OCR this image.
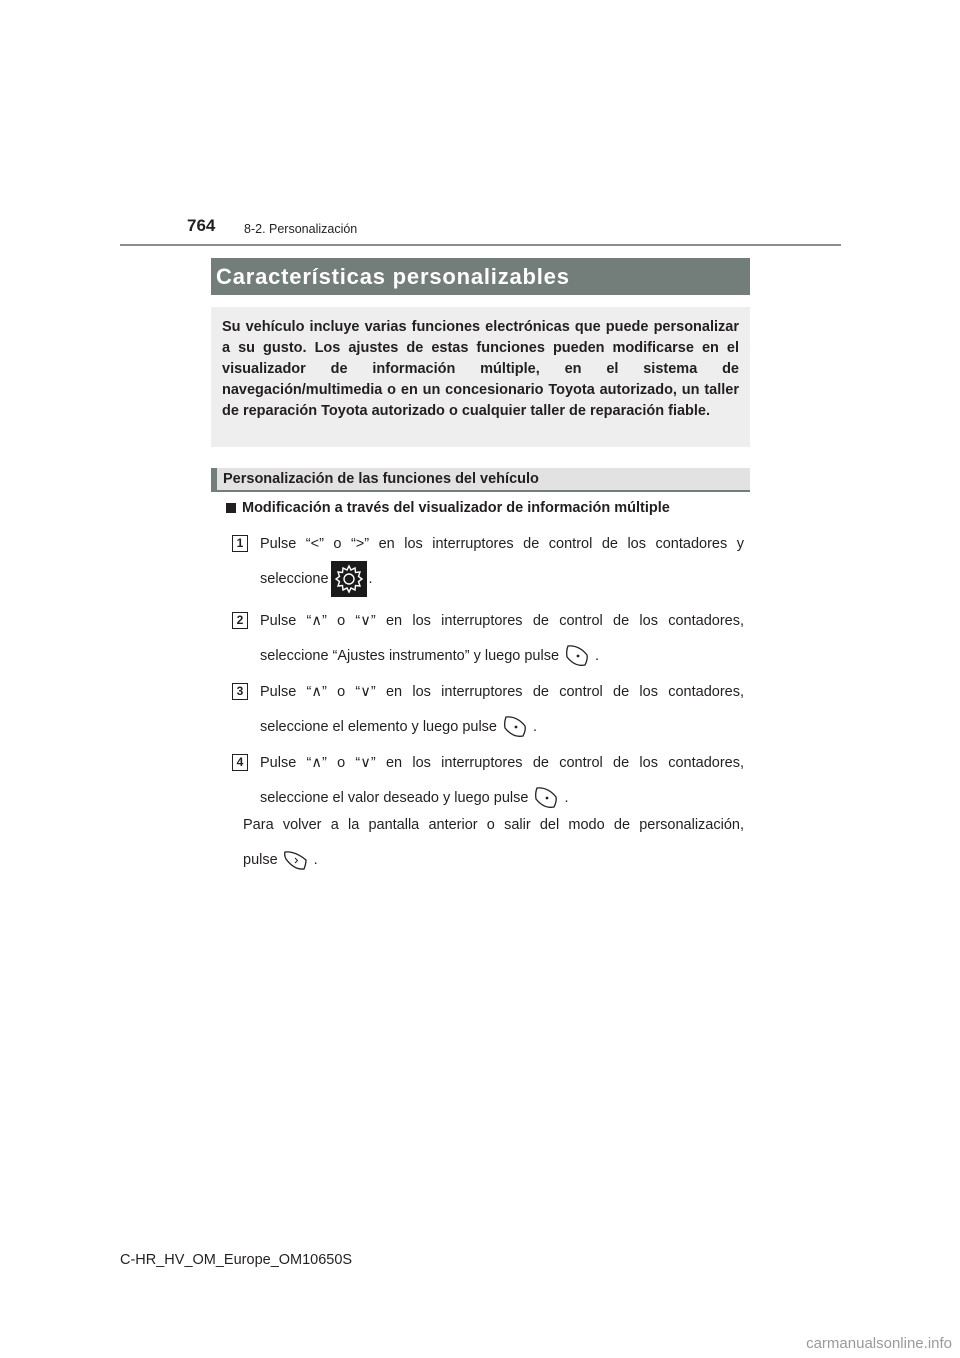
764 8-2. Personalización
Características personalizables
Su vehículo incluye varias funciones electrónicas que puede personalizar a su gusto. Los ajustes de estas funciones pueden modificarse en el visualizador de información múltiple, en el sistema de navegación/multimedia o en un concesionario Toyota autorizado, un taller de reparación Toyota autorizado o cualquier taller de reparación fiable.
Personalización de las funciones del vehículo
Modificación a través del visualizador de información múltiple
1	Pulse “<” o “>” en los interruptores de control de los contadores y
seleccione	.
2	Pulse “∧” o “∨” en los interruptores de control de los contadores,
seleccione “Ajustes instrumento” y luego pulse .
3	Pulse “∧” o “∨” en los interruptores de control de los contadores,
seleccione el elemento y luego pulse .
4	Pulse “∧” o “∨” en los interruptores de control de los contadores,
seleccione el valor deseado y luego pulse .
Para volver a la pantalla anterior o salir del modo de personalización,
pulse .
C-HR_HV_OM_Europe_OM10650S
carmanualsonline.info
